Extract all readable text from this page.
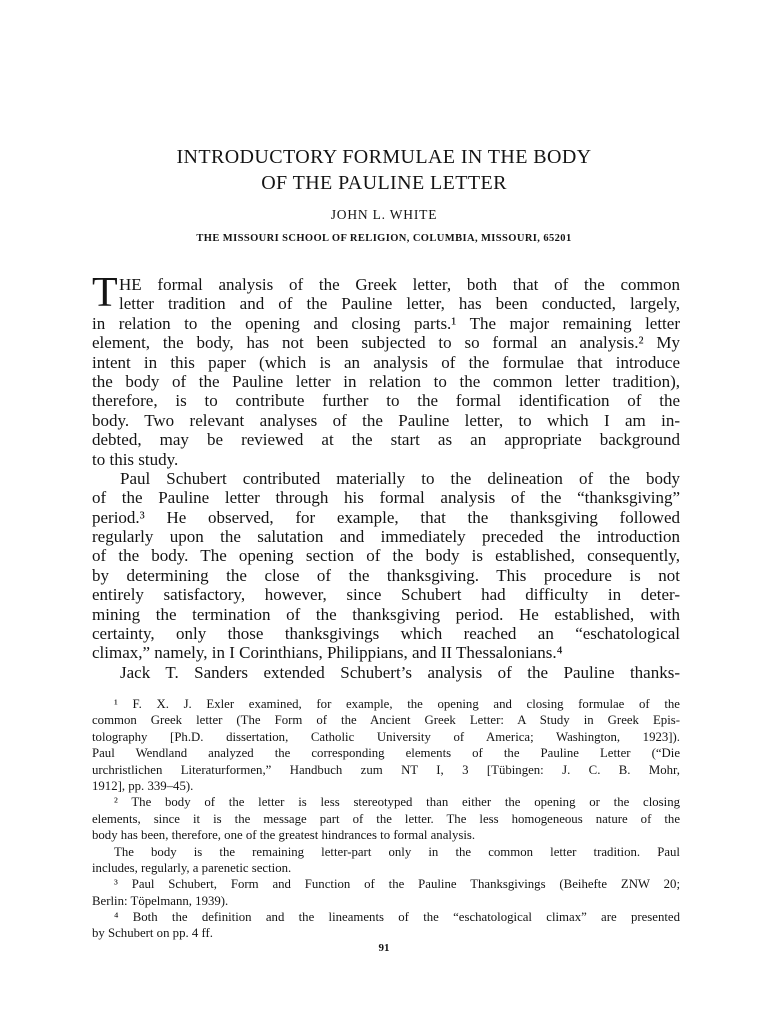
INTRODUCTORY FORMULAE IN THE BODY
OF THE PAULINE LETTER
JOHN L. WHITE
THE MISSOURI SCHOOL OF RELIGION, COLUMBIA, MISSOURI, 65201
T HE formal analysis of the Greek letter, both that of the common
letter tradition and of the Pauline letter, has been conducted, largely,
in relation to the opening and closing parts.¹ The major remaining letter
element, the body, has not been subjected to so formal an analysis.² My
intent in this paper (which is an analysis of the formulae that introduce
the body of the Pauline letter in relation to the common letter tradition),
therefore, is to contribute further to the formal identification of the
body. Two relevant analyses of the Pauline letter, to which I am in-
debted, may be reviewed at the start as an appropriate background
to this study.
Paul Schubert contributed materially to the delineation of the body
of the Pauline letter through his formal analysis of the “thanksgiving”
period.³ He observed, for example, that the thanksgiving followed
regularly upon the salutation and immediately preceded the introduction
of the body. The opening section of the body is established, consequently,
by determining the close of the thanksgiving. This procedure is not
entirely satisfactory, however, since Schubert had difficulty in deter-
mining the termination of the thanksgiving period. He established, with
certainty, only those thanksgivings which reached an “eschatological
climax,” namely, in I Corinthians, Philippians, and II Thessalonians.⁴
Jack T. Sanders extended Schubert’s analysis of the Pauline thanks-
¹ F. X. J. Exler examined, for example, the opening and closing formulae of the
common Greek letter (The Form of the Ancient Greek Letter: A Study in Greek Epis-
tolography [Ph.D. dissertation, Catholic University of America; Washington, 1923]).
Paul Wendland analyzed the corresponding elements of the Pauline Letter (“Die
urchristlichen Literaturformen,” Handbuch zum NT I, 3 [Tübingen: J. C. B. Mohr,
1912], pp. 339–45).
² The body of the letter is less stereotyped than either the opening or the closing
elements, since it is the message part of the letter. The less homogeneous nature of the
body has been, therefore, one of the greatest hindrances to formal analysis.
The body is the remaining letter-part only in the common letter tradition. Paul
includes, regularly, a parenetic section.
³ Paul Schubert, Form and Function of the Pauline Thanksgivings (Beihefte ZNW 20;
Berlin: Töpelmann, 1939).
⁴ Both the definition and the lineaments of the “eschatological climax” are presented
by Schubert on pp. 4 ff.
91
